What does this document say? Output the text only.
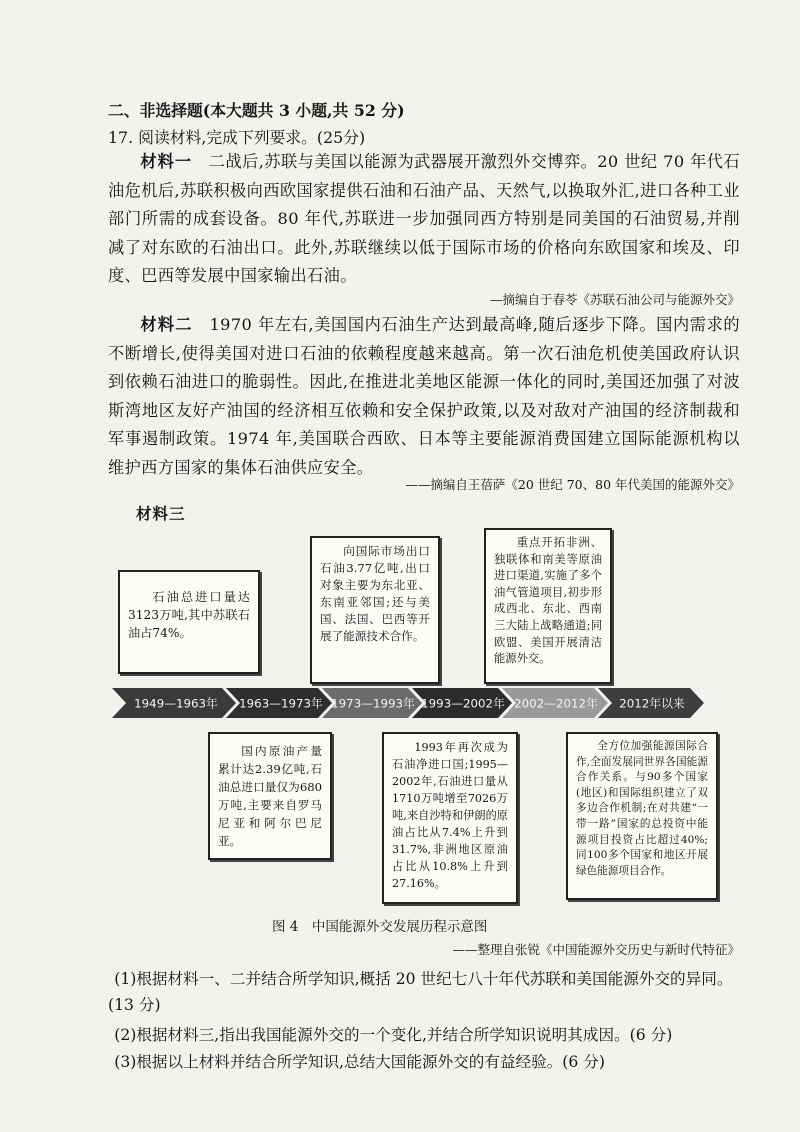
二、非选择题(本大题共 3 小题,共 52 分)
17. 阅读材料,完成下列要求。(25分)
材料一　 二战后,苏联与美国以能源为武器展开激烈外交博弈。20 世纪 70 年代石油危机后,苏联积极向西欧国家提供石油和石油产品、天然气,以换取外汇,进口各种工业部门所需的成套设备。80 年代,苏联进一步加强同西方特别是同美国的石油贸易,并削减了对东欧的石油出口。此外,苏联继续以低于国际市场的价格向东欧国家和埃及、印度、巴西等发展中国家输出石油。
—摘编自于春苓《苏联石油公司与能源外交》
材料二　 1970 年左右,美国国内石油生产达到最高峰,随后逐步下降。国内需求的不断增长,使得美国对进口石油的依赖程度越来越高。第一次石油危机使美国政府认识到依赖石油进口的脆弱性。因此,在推进北美地区能源一体化的同时,美国还加强了对波斯湾地区友好产油国的经济相互依赖和安全保护政策,以及对敌对产油国的经济制裁和军事遏制政策。1974 年,美国联合西欧、日本等主要能源消费国建立国际能源机构以维护西方国家的集体石油供应安全。
——摘编自王蓓萨《20 世纪 70、80 年代美国的能源外交》
材料三
1949—1963年 1963—1973年 1973—1993年 1993—2002年 2002—2012年 2012年以来

石油总进口量达3123万吨,其中苏联石油占74%。

向国际市场出口石油3.77亿吨,出口对象主要为东北亚、东南亚邻国;还与美国、法国、巴西等开展了能源技术合作。

重点开拓非洲、独联体和南美等原油进口渠道,实施了多个油气管道项目,初步形成西北、东北、西南三大陆上战略通道;同欧盟、美国开展清洁能源外交。

国内原油产量累计达2.39亿吨,石油总进口量仅为680万吨,主要来自罗马尼亚和阿尔巴尼亚。

1993年再次成为石油净进口国;1995—2002年,石油进口量从1710万吨增至7026万吨,来自沙特和伊朗的原油占比从7.4%上升到31.7%,非洲地区原油占比从10.8%上升到27.16%。

全方位加强能源国际合作,全面发展同世界各国能源合作关系。与90多个国家(地区)和国际组织建立了双多边合作机制;在对共建“一带一路”国家的总投资中能源项目投资占比超过40%;同100多个国家和地区开展绿色能源项目合作。

图 4　中国能源外交发展历程示意图
——整理自张锐《中国能源外交历史与新时代特征》
(1)根据材料一、二并结合所学知识,概括 20 世纪七八十年代苏联和美国能源外交的异同。(13 分)
(2)根据材料三,指出我国能源外交的一个变化,并结合所学知识说明其成因。(6 分)
(3)根据以上材料并结合所学知识,总结大国能源外交的有益经验。(6 分)
